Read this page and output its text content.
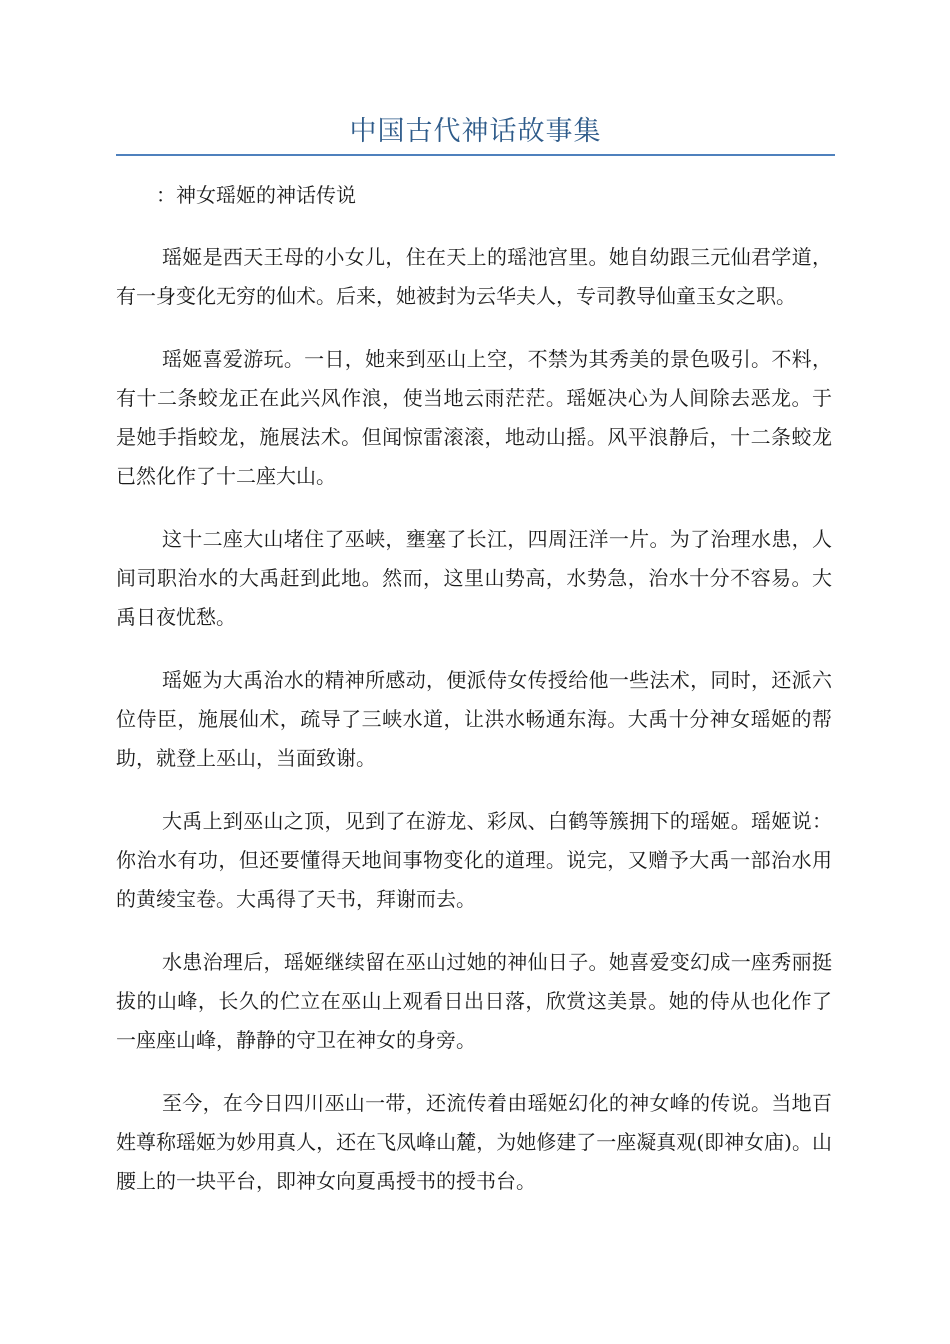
中国古代神话故事集

：神女瑶姬的神话传说

瑶姬是西天王母的小女儿，住在天上的瑶池宫里。她自幼跟三元仙君学道，有一身变化无穷的仙术。后来，她被封为云华夫人，专司教导仙童玉女之职。

瑶姬喜爱游玩。一日，她来到巫山上空，不禁为其秀美的景色吸引。不料，有十二条蛟龙正在此兴风作浪，使当地云雨茫茫。瑶姬决心为人间除去恶龙。于是她手指蛟龙，施展法术。但闻惊雷滚滚，地动山摇。风平浪静后，十二条蛟龙已然化作了十二座大山。

这十二座大山堵住了巫峡，壅塞了长江，四周汪洋一片。为了治理水患，人间司职治水的大禹赶到此地。然而，这里山势高，水势急，治水十分不容易。大禹日夜忧愁。

瑶姬为大禹治水的精神所感动，便派侍女传授给他一些法术，同时，还派六位侍臣，施展仙术，疏导了三峡水道，让洪水畅通东海。大禹十分神女瑶姬的帮助，就登上巫山，当面致谢。

大禹上到巫山之顶，见到了在游龙、彩凤、白鹤等簇拥下的瑶姬。瑶姬说：你治水有功，但还要懂得天地间事物变化的道理。说完，又赠予大禹一部治水用的黄绫宝卷。大禹得了天书，拜谢而去。

水患治理后，瑶姬继续留在巫山过她的神仙日子。她喜爱变幻成一座秀丽挺拔的山峰，长久的伫立在巫山上观看日出日落，欣赏这美景。她的侍从也化作了一座座山峰，静静的守卫在神女的身旁。

至今，在今日四川巫山一带，还流传着由瑶姬幻化的神女峰的传说。当地百姓尊称瑶姬为妙用真人，还在飞凤峰山麓，为她修建了一座凝真观(即神女庙)。山腰上的一块平台，即神女向夏禹授书的授书台。
